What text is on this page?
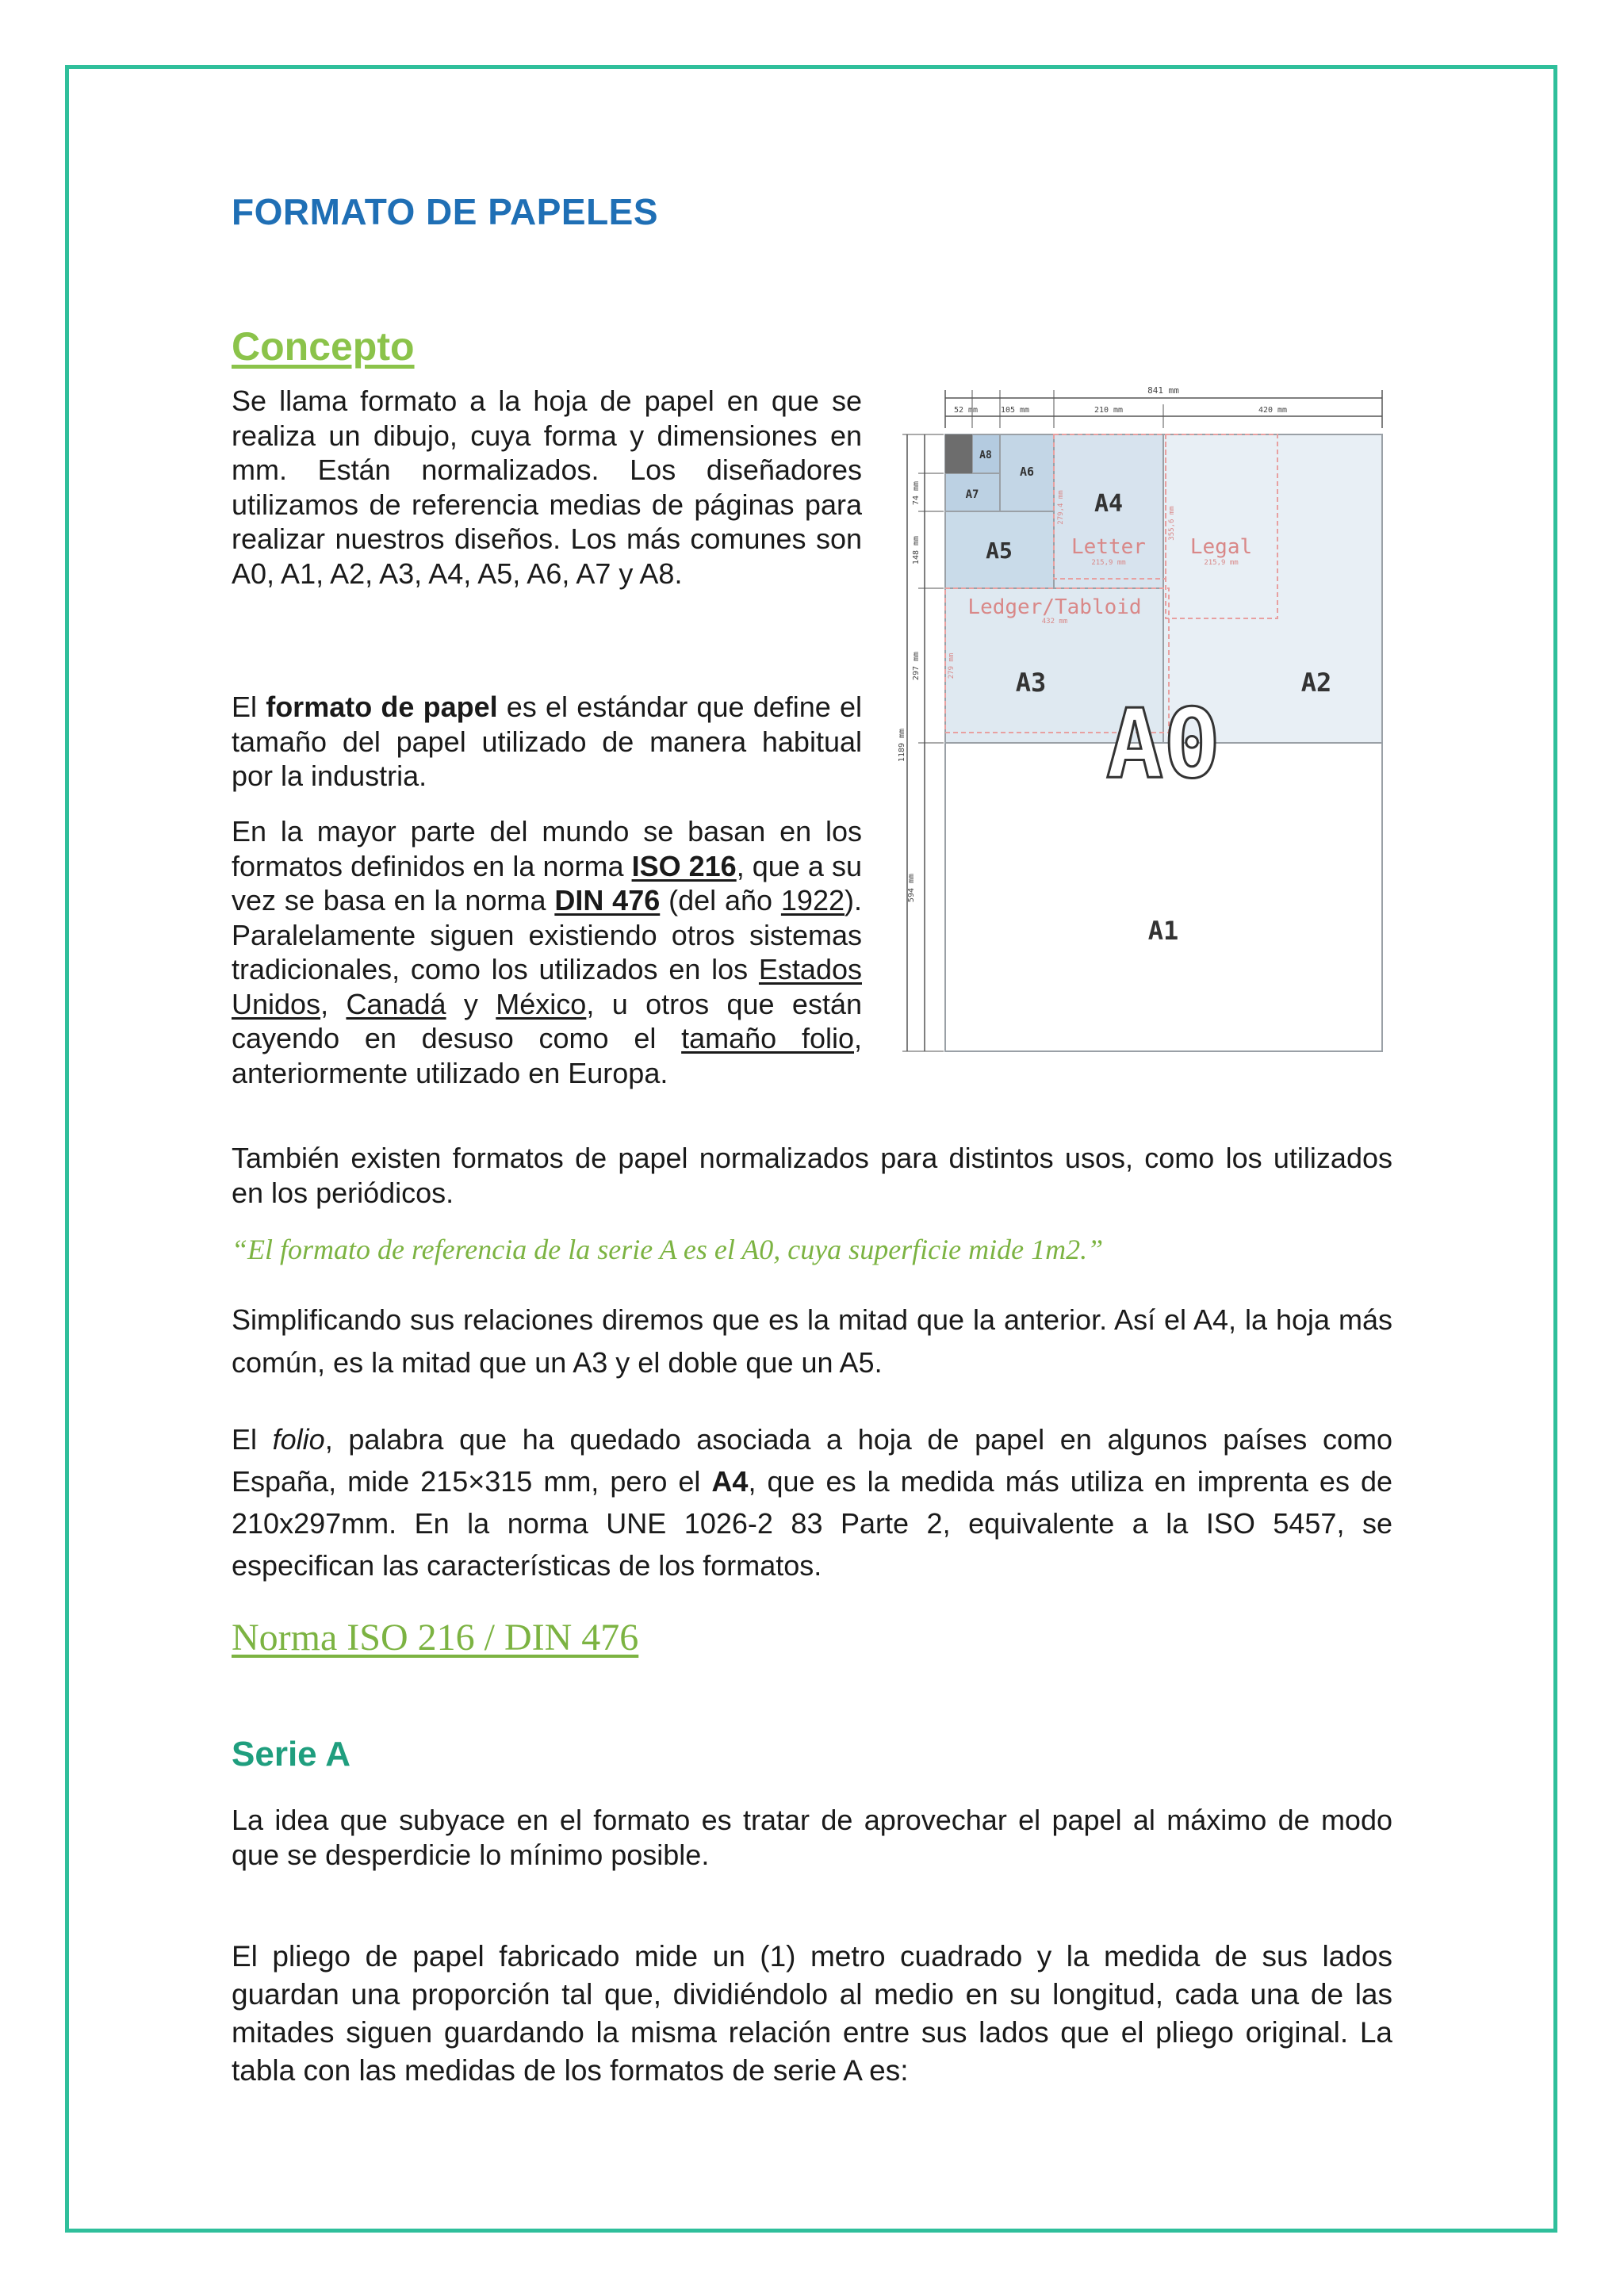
FORMATO DE PAPELES
Concepto
Se llama formato a la hoja de papel en que se realiza un dibujo, cuya forma y dimensiones en mm. Están normalizados. Los diseñadores utilizamos de referencia medias de páginas para realizar nuestros diseños. Los más comunes son A0, A1, A2, A3, A4, A5, A6, A7 y A8.
El formato de papel es el estándar que define el tamaño del papel utilizado de manera habitual por la industria.
En la mayor parte del mundo se basan en los formatos definidos en la norma ISO 216, que a su vez se basa en la norma DIN 476 (del año 1922). Paralelamente siguen existiendo otros sistemas tradicionales, como los utilizados en los Estados Unidos, Canadá y México, u otros que están cayendo en desuso como el tamaño folio, anteriormente utilizado en Europa.
841 mm
52 mm	105 mm	210 mm	420 mm
594 mm
1189 mm
297 mm
148 mm
74 mm
215,9 mm	215,9 mm
432 mm
279,4 mm	355,6 mm
279 mm
A8
A6
A7
A5
A4
Letter Legal
Ledger/Tabloid
A3	A2
A0
A1
También existen formatos de papel normalizados para distintos usos, como los utilizados en los periódicos.
“El formato de referencia de la serie A es el A0, cuya superficie mide 1m2.”
Simplificando sus relaciones diremos que es la mitad que la anterior. Así el A4, la hoja más común, es la mitad que un A3 y el doble que un A5.
El folio, palabra que ha quedado asociada a hoja de papel en algunos países como España, mide 215×315 mm, pero el A4, que es la medida más utiliza en imprenta es de 210x297mm. En la norma UNE 1026-2 83 Parte 2, equivalente a la ISO 5457, se especifican las características de los formatos.
Norma ISO 216 / DIN 476
Serie A
La idea que subyace en el formato es tratar de aprovechar el papel al máximo de modo que se desperdicie lo mínimo posible.
El pliego de papel fabricado mide un (1) metro cuadrado y la medida de sus lados guardan una proporción tal que, dividiéndolo al medio en su longitud, cada una de las mitades siguen guardando la misma relación entre sus lados que el pliego original. La tabla con las medidas de los formatos de serie A es:
